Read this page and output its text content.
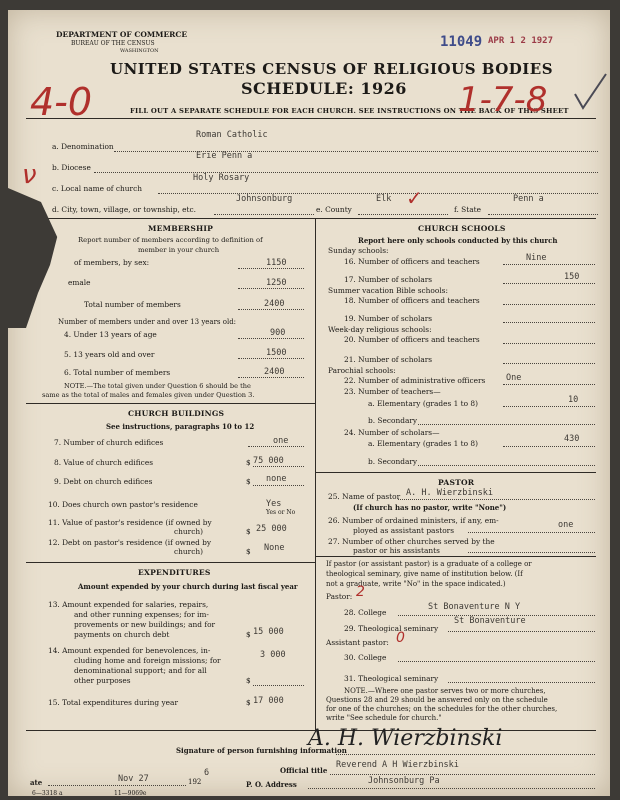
DEPARTMENT OF COMMERCE
BUREAU OF THE CENSUS
WASHINGTON
11049 APR 1 2 1927
UNITED STATES CENSUS OF RELIGIOUS BODIES
SCHEDULE: 1926
FILL OUT A SEPARATE SCHEDULE FOR EACH CHURCH. SEE INSTRUCTIONS ON THE BACK OF THIS SHEET
4-0	1-7-8
a. Denomination
Roman Catholic
b. Diocese
Erie Penn a
c. Local name of church
Holy Rosary
ν
d. City, town, village, or township, etc.
Johnsonburg
e. County
Elk ✓	f. State
Penn a
MEMBERSHIP
Report number of members according to definition of
member in your church
of members, by sex:	1150
emale	1250
Total number of members	2400
Number of members under and over 13 years old:
4. Under 13 years of age	900
5. 13 years old and over	1500
6. Total number of members	2400
NOTE.—The total given under Question 6 should be the
same as the total of males and females given under Question 3.
CHURCH BUILDINGS
See instructions, paragraphs 10 to 12
7. Number of church edifices	one
8. Value of church edifices	$ 75 000
9. Debt on church edifices	$ none
10. Does church own pastor's residence	Yes
Yes or No
11. Value of pastor's residence (if owned by
church)	$ 25 000
12. Debt on pastor's residence (if owned by
church)	$ None
EXPENDITURES
Amount expended by your church during last fiscal year
13. Amount expended for salaries, repairs,
and other running expenses; for im-
provements or new buildings; and for
payments on church debt	$ 15 000
14. Amount expended for benevolences, in-
cluding home and foreign missions; for
denominational support; and for all
other purposes
3 000
$
15. Total expenditures during year	$ 17 000
CHURCH SCHOOLS
Report here only schools conducted by this church
Sunday schools:
16. Number of officers and teachers	Nine
17. Number of scholars	150
Summer vacation Bible schools:
18. Number of officers and teachers
19. Number of scholars
Week-day religious schools:
20. Number of officers and teachers
21. Number of scholars
Parochial schools:
22. Number of administrative officers One
23. Number of teachers—
a. Elementary (grades 1 to 8)	10
b. Secondary
24. Number of scholars—
a. Elementary (grades 1 to 8)	430
b. Secondary
PASTOR
25. Name of pastor A. H. Wierzbinski
(If church has no pastor, write "None")
26. Number of ordained ministers, if any, em-
ployed as assistant pastors
one
27. Number of other churches served by the
pastor or his assistants
If pastor (or assistant pastor) is a graduate of a college or
theological seminary, give name of institution below. (If
not a graduate, write "No" in the space indicated.)
Pastor: 2
28. College
St Bonaventure N Y
29. Theological seminary
St Bonaventure
Assistant pastor: 0
30. College
31. Theological seminary
NOTE.—Where one pastor serves two or more churches,
Questions 28 and 29 should be answered only on the schedule
for one of the churches; on the schedules for the other churches,
write "See schedule for church."
Signature of person furnishing information
A. H. Wierzbinski
Official title
Reverend A H Wierzbinski
ate	Nov 27	192
6
P. O. Address	Johnsonburg Pa
6—3318 a	11—9069e
